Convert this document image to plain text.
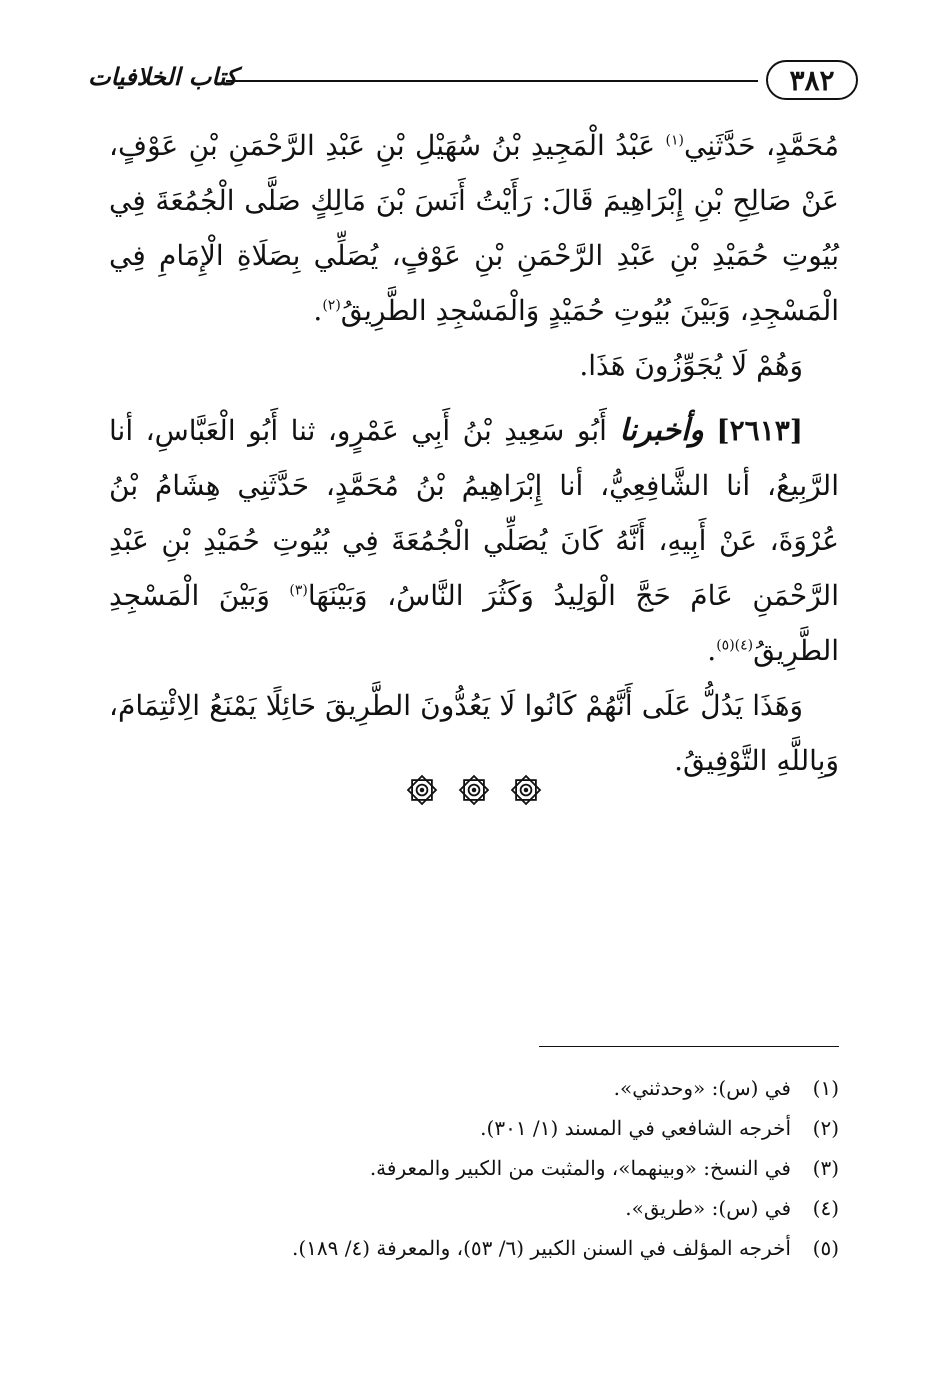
٣٨٢
كتاب الخلافيات

مُحَمَّدٍ، حَدَّثَنِي$^{(١)}$ عَبْدُ الْمَجِيدِ بْنُ سُهَيْلِ بْنِ عَبْدِ الرَّحْمَنِ بْنِ عَوْفٍ، عَنْ صَالِحِ بْنِ إِبْرَاهِيمَ قَالَ: رَأَيْتُ أَنَسَ بْنَ مَالِكٍ صَلَّى الْجُمُعَةَ فِي بُيُوتِ حُمَيْدِ بْنِ عَبْدِ الرَّحْمَنِ بْنِ عَوْفٍ، يُصَلِّي بِصَلَاةِ الْإِمَامِ فِي الْمَسْجِدِ، وَبَيْنَ بُيُوتِ حُمَيْدٍ وَالْمَسْجِدِ الطَّرِيقُ$^{(٢)}$.

وَهُمْ لَا يُجَوِّزُونَ هَذَا.

[٢٦١٣] وأخبرنا أَبُو سَعِيدِ بْنُ أَبِي عَمْرٍو، ثنا أَبُو الْعَبَّاسِ، أنا الرَّبِيعُ، أنا الشَّافِعِيُّ، أنا إِبْرَاهِيمُ بْنُ مُحَمَّدٍ، حَدَّثَنِي هِشَامُ بْنُ عُرْوَةَ، عَنْ أَبِيهِ، أَنَّهُ كَانَ يُصَلِّي الْجُمُعَةَ فِي بُيُوتِ حُمَيْدِ بْنِ عَبْدِ الرَّحْمَنِ عَامَ حَجَّ الْوَلِيدُ وَكَثُرَ النَّاسُ، وَبَيْنَهَا$^{(٣)}$ وَبَيْنَ الْمَسْجِدِ الطَّرِيقُ$^{(٤)(٥)}$.

وَهَذَا يَدُلُّ عَلَى أَنَّهُمْ كَانُوا لَا يَعُدُّونَ الطَّرِيقَ حَائِلًا يَمْنَعُ الِائْتِمَامَ، وَبِاللَّهِ التَّوْفِيقُ.

(١)
في (س): «وحدثني».
(٢)
أخرجه الشافعي في المسند (١/ ٣٠١).
(٣)
في النسخ: «وبينهما»، والمثبت من الكبير والمعرفة.
(٤)
في (س): «طريق».
(٥)
أخرجه المؤلف في السنن الكبير (٦/ ٥٣)، والمعرفة (٤/ ١٨٩).
